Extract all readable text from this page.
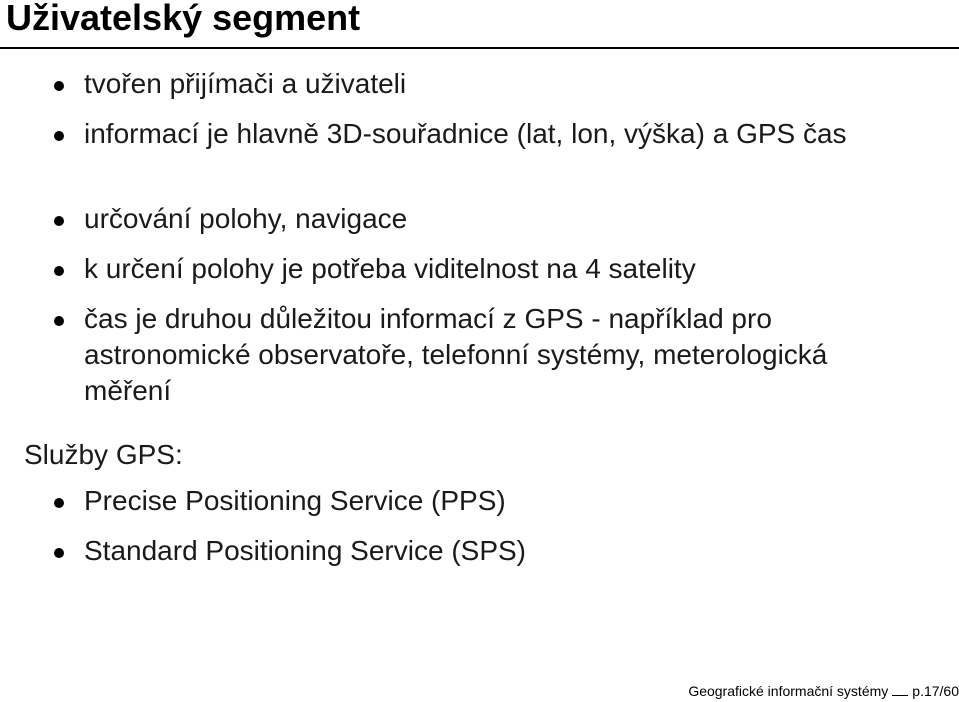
Uživatelský segment

tvořen přijímači a uživateli

informací je hlavně 3D-souřadnice (lat, lon, výška) a GPS čas

určování polohy, navigace

k určení polohy je potřeba viditelnost na 4 satelity

čas je druhou důležitou informací z GPS - například pro astronomické observatoře, telefonní systémy, meterologická měření

Služby GPS:

Precise Positioning Service (PPS)

Standard Positioning Service (SPS)

Geografické informační systémy p.17/60
